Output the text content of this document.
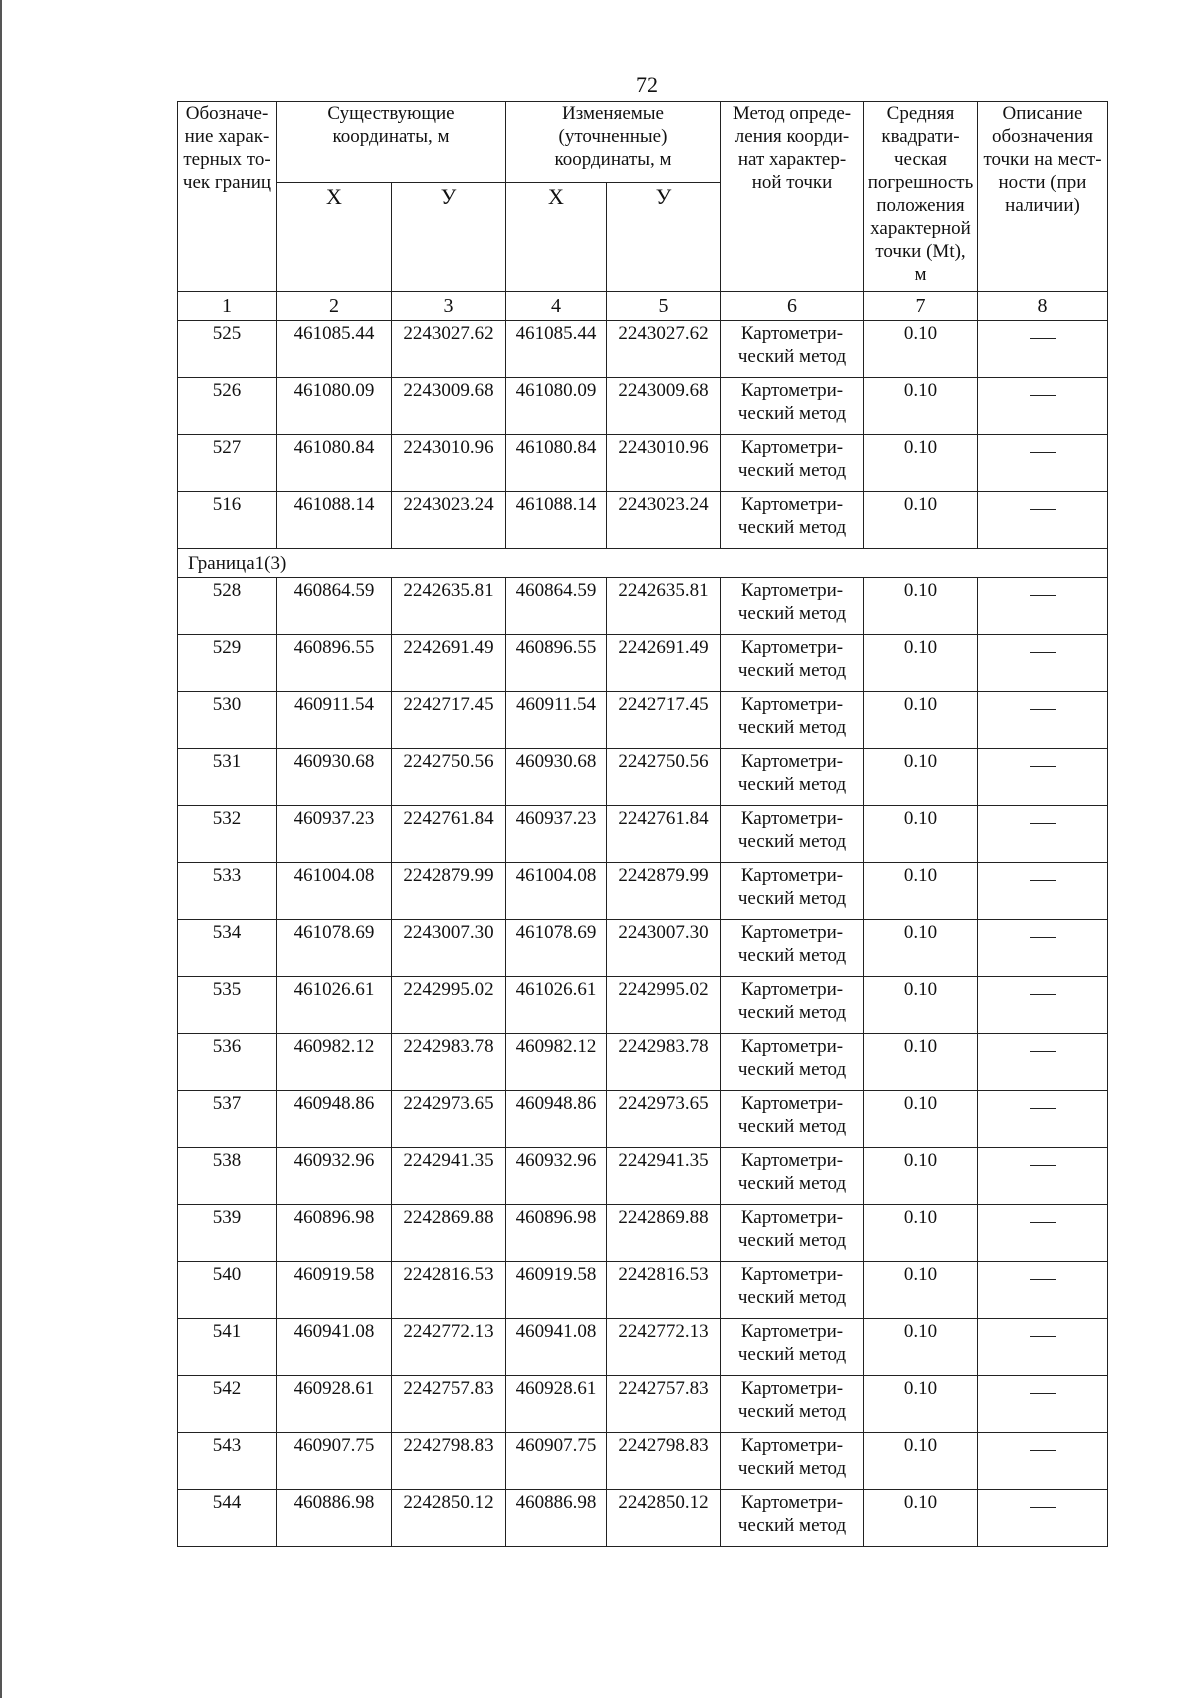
72
Обозначе- ние харак- терных то- чек границ	Существующие координаты, м		Изменяемые (уточненные) координаты, м		Метод опреде- ления коорди- нат характер- ной точки	Средняя квадрати- ческая погрешность положения характерной точки (Mt), м	Описание обозначения точки на мест- ности (при наличии)
	X	У	X	У			
1	2	3	4	5	6	7	8
525	461085.44	2243027.62	461085.44	2243027.62	Картометри- ческий метод	0.10	
526	461080.09	2243009.68	461080.09	2243009.68	Картометри- ческий метод	0.10	
527	461080.84	2243010.96	461080.84	2243010.96	Картометри- ческий метод	0.10	
516	461088.14	2243023.24	461088.14	2243023.24	Картометри- ческий метод	0.10	
Граница1(3)							
528	460864.59	2242635.81	460864.59	2242635.81	Картометри- ческий метод	0.10	
529	460896.55	2242691.49	460896.55	2242691.49	Картометри- ческий метод	0.10	
530	460911.54	2242717.45	460911.54	2242717.45	Картометри- ческий метод	0.10	
531	460930.68	2242750.56	460930.68	2242750.56	Картометри- ческий метод	0.10	
532	460937.23	2242761.84	460937.23	2242761.84	Картометри- ческий метод	0.10	
533	461004.08	2242879.99	461004.08	2242879.99	Картометри- ческий метод	0.10	
534	461078.69	2243007.30	461078.69	2243007.30	Картометри- ческий метод	0.10	
535	461026.61	2242995.02	461026.61	2242995.02	Картометри- ческий метод	0.10	
536	460982.12	2242983.78	460982.12	2242983.78	Картометри- ческий метод	0.10	
537	460948.86	2242973.65	460948.86	2242973.65	Картометри- ческий метод	0.10	
538	460932.96	2242941.35	460932.96	2242941.35	Картометри- ческий метод	0.10	
539	460896.98	2242869.88	460896.98	2242869.88	Картометри- ческий метод	0.10	
540	460919.58	2242816.53	460919.58	2242816.53	Картометри- ческий метод	0.10	
541	460941.08	2242772.13	460941.08	2242772.13	Картометри- ческий метод	0.10	
542	460928.61	2242757.83	460928.61	2242757.83	Картометри- ческий метод	0.10	
543	460907.75	2242798.83	460907.75	2242798.83	Картометри- ческий метод	0.10	
544	460886.98	2242850.12	460886.98	2242850.12	Картометри- ческий метод	0.10	
